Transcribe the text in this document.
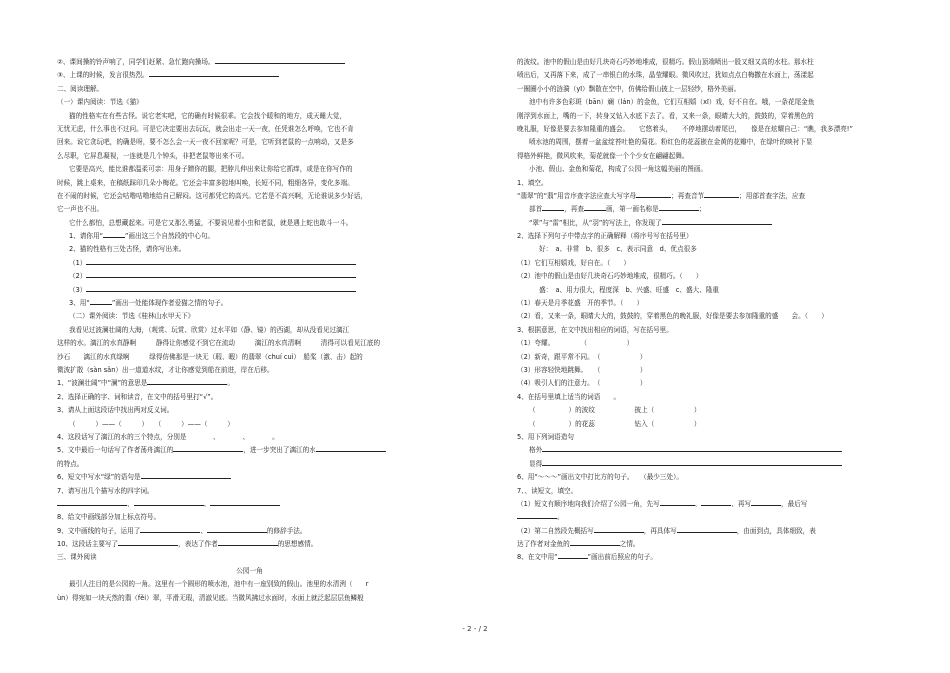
②、课间操的铃声响了，同学们赶紧、急忙跑向操场。
③、上课的时候，发言很热烈。
二、阅读理解。
（一）课内阅读：节选《猫》
猫的性格实在有些古怪。说它老实吧，它的确有时候很乖。它会找个暖和的地方，成天睡大觉，
无忧无虑，什么事也不过问。可是它决定要出去玩玩，就会出走一天一夜，任凭谁怎么呼唤，它也不肯
回来。说它贪玩吧，的确是呀，要不怎么会一天一夜不回家呢？可是，它听到老鼠的一点响动，又是多
么尽职，它屏息凝视，一连就是几个钟头，非把老鼠等出来不可。
它要是高兴，能比谁都温柔可亲：用身子蹭你的腿，把脖儿伸出来让你给它抓痒，或是在你写作的
时候，跳上桌来，在稿纸踩印几朵小梅花。它还会丰富多腔地叫唤，长短不同，粗细各异，变化多端。
在不闹的时候，它还会咕噜咕噜地给自己解闷。这可都凭它的高兴。它若是不高兴啊，无论谁说多少好话，
它一声也不出。
它什么都怕，总想藏起来。可是它又那么勇猛，不要说见着小虫和老鼠，就是遇上蛇也敢斗一斗。
1、请你用“	”画出这三个自然段的中心句。
2、猫的性格有三处古怪，请你写出来。
（1）
（2）
（3）
3、用“	”画出一处能体现作者爱猫之情的句子。
（二）课外阅读：节选《桂林山水甲天下》
我看见过波澜壮阔的大海，（观赏、玩赏、欣赏）过水平如（静、镜）的西湖，却从没看见过漓江
这样的水。漓江的水真静啊　　　静得让你感觉不到它在流动　　　漓江的水真清啊　　　清得可以看见江底的
沙石　　漓江的水真绿啊　　　绿得仿佛那是一块无（瑕、暇）的翡翠（chuí cuì）　船桨（激、击）起的
微波扩散（sàn sǎn）出一道道水纹，才让你感觉到船在前进，岸在后移。
1、“波澜壮阔”中“澜”的意思是	。
2、选择正确的字、词和读音，在文中的括号里打“√”。
3、请从上面这段话中找出两对反义词。
（　　　）——（　　　）　　（　　　）——（　　　）
4、这段话写了漓江的水的三个特点，分别是　　　　、　　　　、　　　　。
5、文中最后一句话写了作者荡舟漓江的	，进一步突出了漓江的水
的特点。
6、短文中写水“绿”的语句是
7、请写出几个描写水的四字词。
、	、
8、给文中画线部分加上标点符号。
9、文中画线的句子，运用了	、	的修辞手法。
10、这段话主要写了	，表达了作者	的思想感情。
三、课外阅读
公园一角
最引人注目的是公园的一角。这里有一个圆形的喷水池，池中有一座别致的假山。池里的水清洌（　　r
ùn）得宛如一块天然的翡（fěi）翠，平滑无瑕，清澈见底。当微风拂过水面时，水面上就泛起层层鱼鳞般
的波纹。池中的假山是由好几块奇石巧妙地堆成，很精巧。假山顶端喷出一股又细又高的水柱。那水柱
喷出后，又再落下来，成了一串银白的水珠，晶莹耀眼。微风吹过，犹如点点白梅撒在水面上，荡漾起
一圈圈小小的涟漪（yī）飘散在空中，仿佛给假山披上一层轻纱，格外美丽。
池中有许多色彩斑（bān）斓（lán）的金鱼，它们互相嬉（xī）戏，好不自在。哦，一条花尾金鱼
刚浮到水面上，嘴的一下，转身又钻入水底下去了。看，又来一条，眼睛大大的，鼓鼓的，穿着黑色的
晚礼服，好像是要去参加隆重的盛会。　　它悠着头，　　不停地摆动着尾巴，　　像是在炫耀自己：“瞧，我多漂亮!”
喷水池的周围，摆着一盆盆绽苔吐艳的菊花。粉红色的花蕊嵌在金黄的花瓣中，在绿叶的映衬下显
得格外鲜艳，微风吹来，菊花就像一个个少女在翩翩起舞。
小池、假山、金鱼和菊花，构成了公园一角这幅美丽的图画。
1、填空。
“翡翠”的“翡”用音序查字法应查大写字母	；再查音节	；用部首查字法，应查
部首	，再查	画，第一画名称是	；
“翠”与“雷”相比，从“羽”的写法上，你发现了
2、选择下列句子中带点字的正确解释（将序号写在括号里）
好：　a、非常　b、很多　c、表示同意　d、优点很多
（1）它们互相嬉戏，好自在。（　　）
（2）池中的假山是由好几块奇石巧妙地堆成，很精巧。（　　）
盛：　a、用力很大，程度深　b、兴盛、旺盛　c、盛大、隆重
（1）春天是月季花盛　开的季节。（　　）
（2）看，又来一条，眼睛大大的，鼓鼓的，穿着黑色的晚礼服，好像是要去参加隆重的盛　　会。（　　）
3、根据意思，在文中找出相应的词语，写在括号里。
（1）夸耀。　　　　　（　　　　　　）
（2）新奇，跟平常不同。　（　　　　　　）
（3）形容轻快地跳舞。　　（　　　　　　）
（4）吸引人们的注意力。　（　　　　　　）
4、在括号里填上适当的词语　　。
（　　　　　）的波纹　　　　　　披上（　　　　　　）
（　　　　　）的花蕊　　　　　　钻入（　　　　　　）
5、用下列词语造句
格外
显得
6、用“～～～”画出文中打比方的句子。　　（最少三处）。
7、、读短文，填空。
（1）短文有顺序地向我们介绍了公园一角，先写	、	、再写	，最后写
。
（2）第二自然段先概括写	，再具体写	，由面到点，具体细致，表
达了作者对金鱼的	之情。
8、在文中用“	”画出前后照应的句子。
- 2 - / 2
